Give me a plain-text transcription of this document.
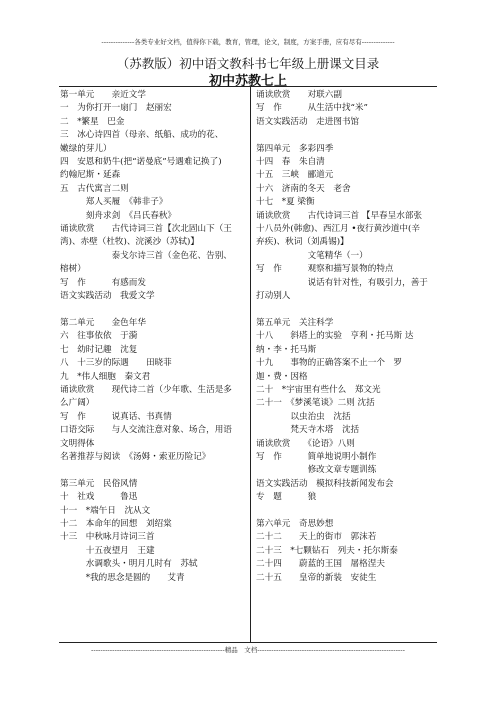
--------------各类专业好文档，值得你下载，教育，管理，论文，制度，方案手册，应有尽有--------------
（苏教版）初中语文教科书七年级上册课文目录
初中苏教七上
第一单元　　亲近文学
一　为你打开一扇门　赵丽宏
二　*繁星　巴金
三　冰心诗四首（母亲、纸船、成功的花、
嫩绿的芽儿）
四　安恩和奶牛(把“诺曼底”号遇难记换了)
约翰尼斯・延森
五　古代寓言二则
　　　郑人买履　《韩非子》
　　　刻舟求剑　《吕氏春秋》
诵读欣赏　　古代诗词三首【次北固山下（王
湾)、赤壁（杜牧)、浣溪沙（苏轼)】
　　　　　　泰戈尔诗三首（金色花、告别、
榕树）
写　作　　　有感而发
语文实践活动　我爱文学
第二单元　　金色年华
六　往事依依　于漪
七　幼时记趣　沈复
八　十三岁的际遇　　田晓菲
九　*伟人细胞　秦文君
诵读欣赏　　现代诗二首（少年歌、生活是多
么广阔）
写　作　　　说真话、书真情
口语交际　　与人交流注意对象、场合，用语
文明得体
名著推荐与阅读　《汤姆・索亚历险记》
第三单元　民俗风情
十　社戏　　　鲁迅
十一　*端午日　沈从文
十二　本命年的回想　刘绍棠
十三　中秋咏月诗词三首
　　　十五夜望月　王建
　　　水调歌头・明月几时有　苏轼
　　　*我的思念是圆的　　艾青
诵读欣赏　　对联六副
写　作　　　从生活中找“米”
语文实践活动　走进图书馆
第四单元　多彩四季
十四　春　朱自清
十五　三峡　郦道元
十六　济南的冬天　老舍
十七　*夏 梁衡
诵读欣赏　　古代诗词三首 【早春呈水部张
十八员外(韩愈)、西江月 •夜行黄沙道中(辛
弃疾)、秋词（刘禹锡)】
　　　　　　文笔精华（一）
写　作　　　观察和描写景物的特点
　　　　　　说话有针对性，有吸引力，善于
打动别人
第五单元　关注科学
十八　　斜塔上的实验　亨利・托马斯 达
纳・李・托马斯
十九　　事物的正确答案不止一个　罗
迦・费・因格
二十　*宇宙里有些什么　郑文光
二十一　《梦溪笔谈》二则 沈括
　　　　以虫治虫　沈括
　　　　梵天寺木塔　沈括
诵读欣赏　　《论语》八则
写　作　　　简单地说明小制作
　　　　　　修改文章专题训练
语文实践活动　模拟科技新闻发布会
专　题　　　狼
第六单元　奇思妙想
二十二　　天上的街市　郭沫若
二十三　*七颗钻石　列夫・托尔斯泰
二十四　　蔚蓝的王国　屠格涅夫
二十五　　皇帝的新装　安徒生
---------------------------------------------------------精品　文档---------------------------------------------------------------
